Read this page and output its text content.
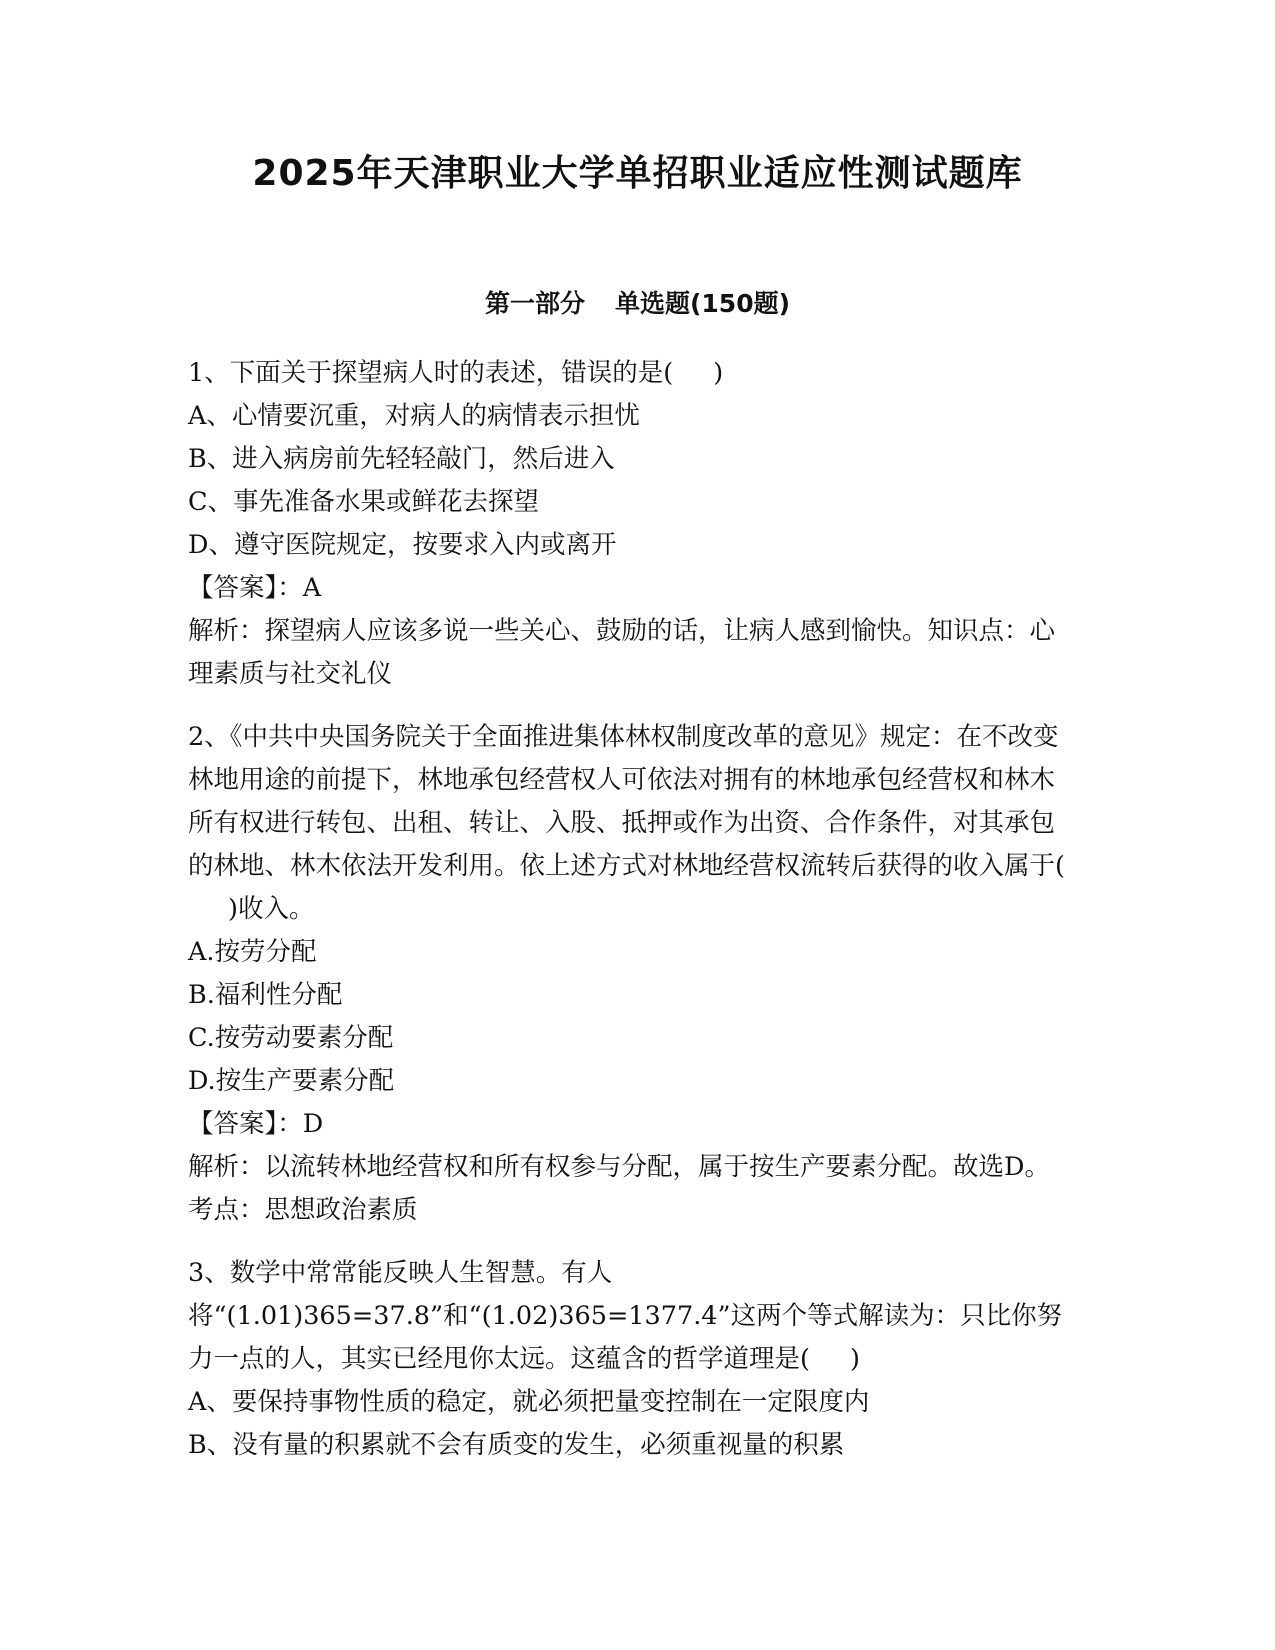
2025年天津职业大学单招职业适应性测试题库
第一部分 单选题(150题)

1、下面关于探望病人时的表述，错误的是( )

A、心情要沉重，对病人的病情表示担忧

B、进入病房前先轻轻敲门，然后进入

C、事先准备水果或鲜花去探望

D、遵守医院规定，按要求入内或离开

【答案】：A

解析：探望病人应该多说一些关心、鼓励的话，让病人感到愉快。知识点：心理素质与社交礼仪

2、《中共中央国务院关于全面推进集体林权制度改革的意见》规定：在不改变林地用途的前提下，林地承包经营权人可依法对拥有的林地承包经营权和林木所有权进行转包、出租、转让、入股、抵押或作为出资、合作条件，对其承包的林地、林木依法开发利用。依上述方式对林地经营权流转后获得的收入属于()收入。

A.按劳分配

B.福利性分配

C.按劳动要素分配

D.按生产要素分配

【答案】：D

解析：以流转林地经营权和所有权参与分配，属于按生产要素分配。故选D。考点：思想政治素质

3、数学中常常能反映人生智慧。有人将“(1.01)365=37.8”和“(1.02)365=1377.4”这两个等式解读为：只比你努力一点的人，其实已经甩你太远。这蕴含的哲学道理是( )

A、要保持事物性质的稳定，就必须把量变控制在一定限度内

B、没有量的积累就不会有质变的发生，必须重视量的积累
